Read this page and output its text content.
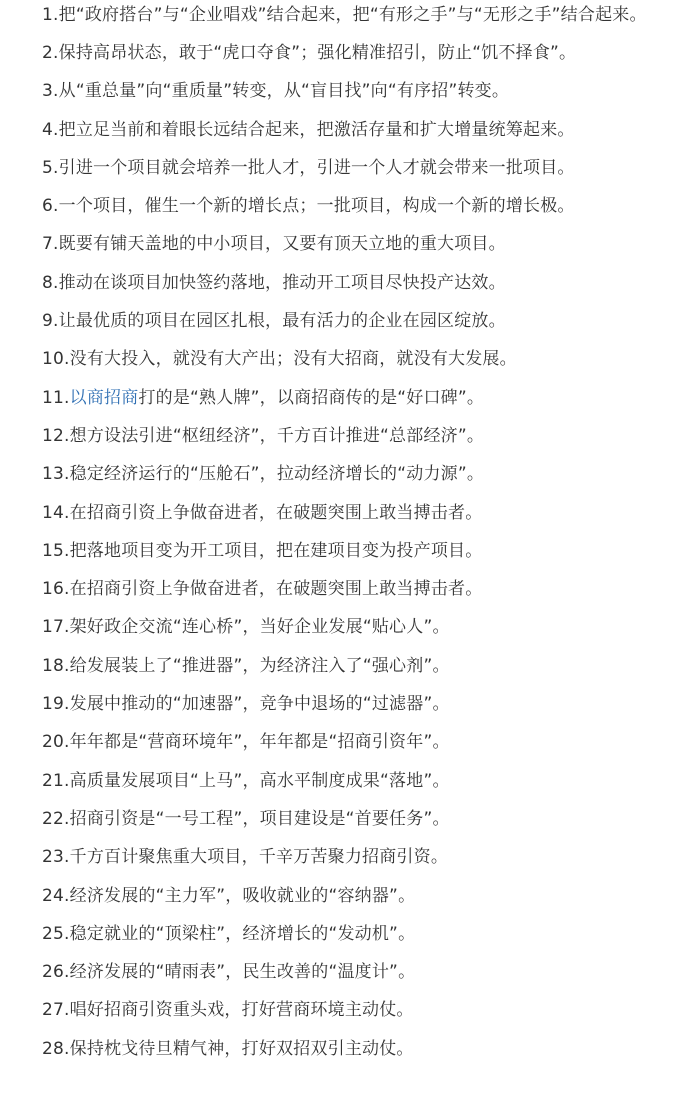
1.把“政府搭台”与“企业唱戏”结合起来，把“有形之手”与“无形之手”结合起来。

2.保持高昂状态，敢于“虎口夺食”；强化精准招引，防止“饥不择食”。

3.从“重总量”向“重质量”转变，从“盲目找”向“有序招”转变。

4.把立足当前和着眼长远结合起来，把激活存量和扩大增量统筹起来。

5.引进一个项目就会培养一批人才，引进一个人才就会带来一批项目。

6.一个项目，催生一个新的增长点；一批项目，构成一个新的增长极。

7.既要有铺天盖地的中小项目，又要有顶天立地的重大项目。

8.推动在谈项目加快签约落地，推动开工项目尽快投产达效。

9.让最优质的项目在园区扎根，最有活力的企业在园区绽放。

10.没有大投入，就没有大产出；没有大招商，就没有大发展。

11.以商招商打的是“熟人牌”，以商招商传的是“好口碑”。

12.想方设法引进“枢纽经济”，千方百计推进“总部经济”。

13.稳定经济运行的“压舱石”，拉动经济增长的“动力源”。

14.在招商引资上争做奋进者，在破题突围上敢当搏击者。

15.把落地项目变为开工项目，把在建项目变为投产项目。

16.在招商引资上争做奋进者，在破题突围上敢当搏击者。

17.架好政企交流“连心桥”，当好企业发展“贴心人”。

18.给发展装上了“推进器”，为经济注入了“强心剂”。

19.发展中推动的“加速器”，竞争中退场的“过滤器”。

20.年年都是“营商环境年”，年年都是“招商引资年”。

21.高质量发展项目“上马”，高水平制度成果“落地”。

22.招商引资是“一号工程”，项目建设是“首要任务”。

23.千方百计聚焦重大项目，千辛万苦聚力招商引资。

24.经济发展的“主力军”，吸收就业的“容纳器”。

25.稳定就业的“顶梁柱”，经济增长的“发动机”。

26.经济发展的“晴雨表”，民生改善的“温度计”。

27.唱好招商引资重头戏，打好营商环境主动仗。

28.保持枕戈待旦精气神，打好双招双引主动仗。
